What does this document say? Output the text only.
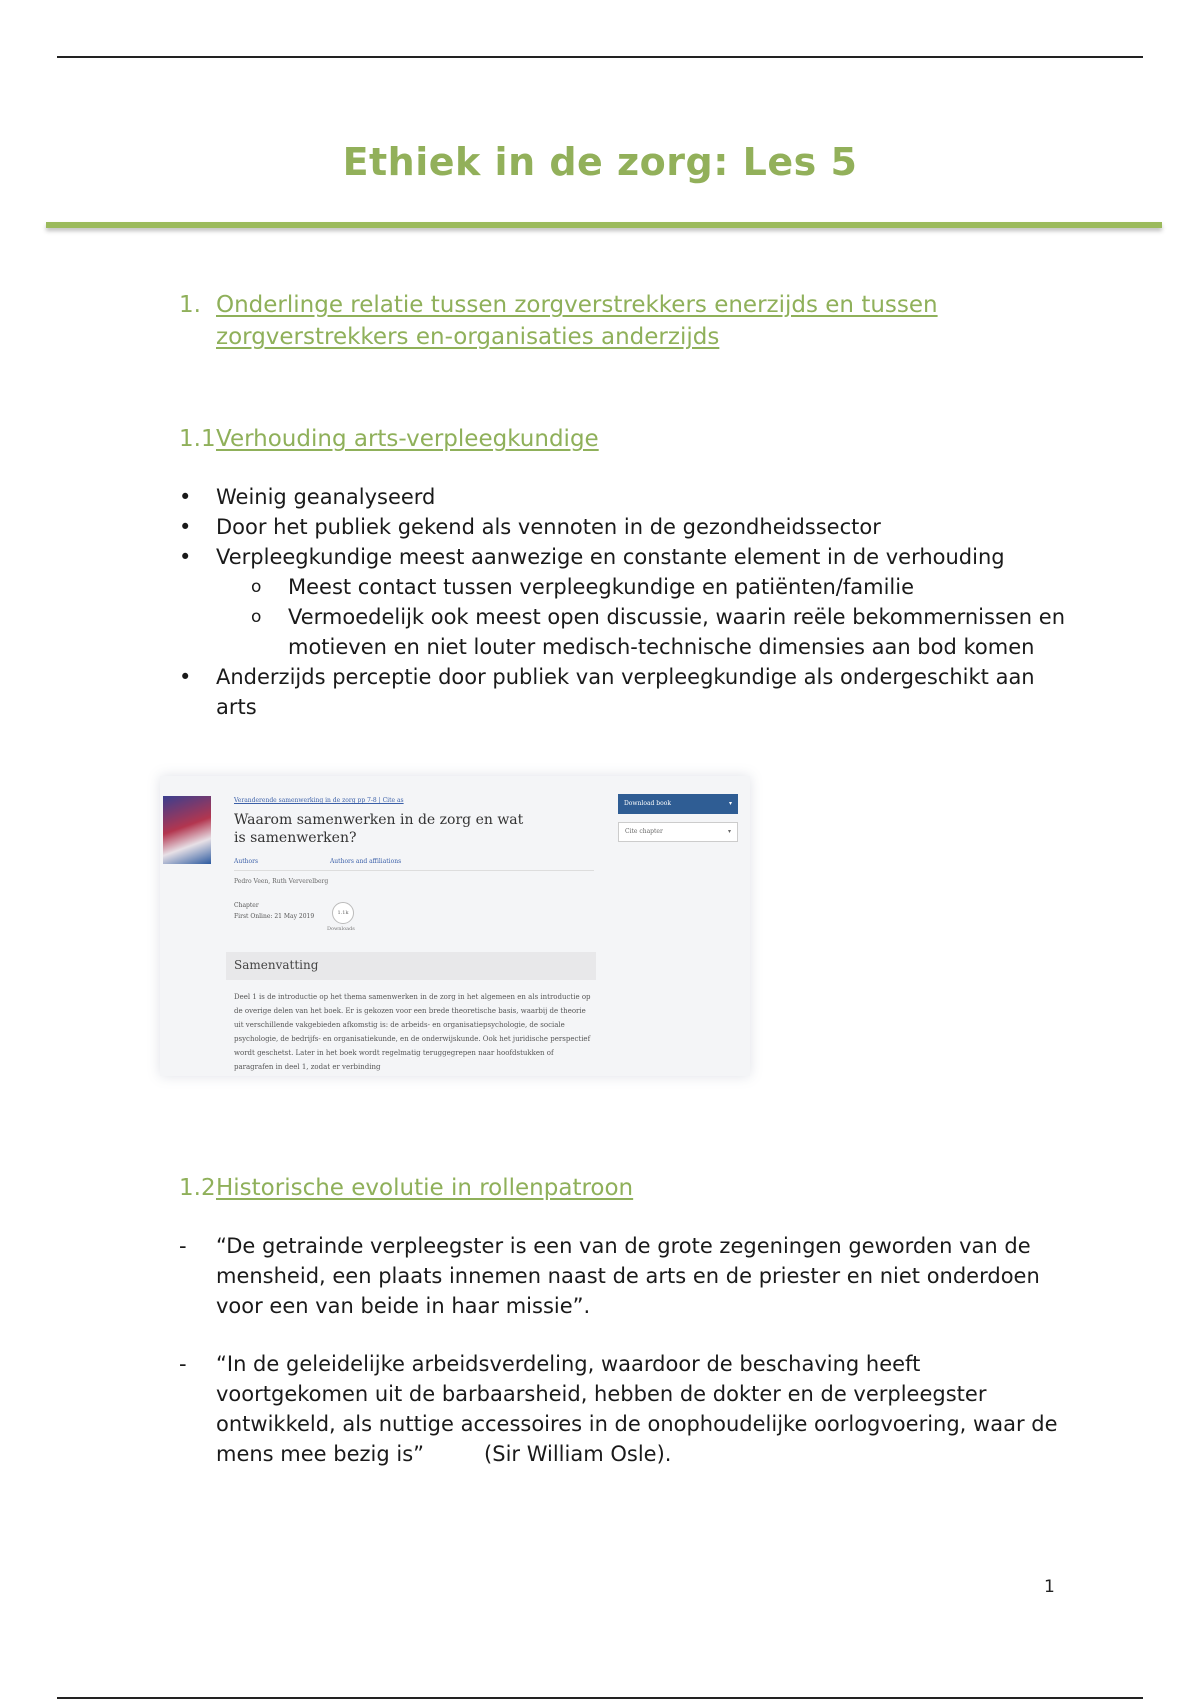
Ethiek in de zorg: Les 5
1. Onderlinge relatie tussen zorgverstrekkers enerzijds en tussen zorgverstrekkers en-organisaties anderzijds
1.1 Verhouding arts-verpleegkundige
•	Weinig geanalyseerd
•	Door het publiek gekend als vennoten in de gezondheidssector
•	Verpleegkundige meest aanwezige en constante element in de verhouding
o	Meest contact tussen verpleegkundige en patiënten/familie
o	Vermoedelijk ook meest open discussie, waarin reële bekommernissen en motieven en niet louter medisch-technische dimensies aan bod komen
•	Anderzijds perceptie door publiek van verpleegkundige als ondergeschikt aan arts
Veranderende samenwerking in de zorg pp 7-8 | Cite as
Waarom samenwerken in de zorg en wat is samenwerken?
Authors	Authors and affiliations
Pedro Veen, Ruth Ververelberg
Chapter
First Online: 21 May 2019	1.1k
Downloads
Download book	▾
Cite chapter	▾
Samenvatting
Deel 1 is de introductie op het thema samenwerken in de zorg in het algemeen en als introductie op de overige delen van het boek. Er is gekozen voor een brede theoretische basis, waarbij de theorie uit verschillende vakgebieden afkomstig is: de arbeids- en organisatiepsychologie, de sociale psychologie, de bedrijfs- en organisatiekunde, en de onderwijskunde. Ook het juridische perspectief wordt geschetst. Later in het boek wordt regelmatig teruggegrepen naar hoofdstukken of paragrafen in deel 1, zodat er verbinding
1.2 Historische evolutie in rollenpatroon
- “De getrainde verpleegster is een van de grote zegeningen geworden van de mensheid, een plaats innemen naast de arts en de priester en niet onderdoen voor een van beide in haar missie”.
- “In de geleidelijke arbeidsverdeling, waardoor de beschaving heeft voortgekomen uit de barbaarsheid, hebben de dokter en de verpleegster ontwikkeld, als nuttige accessoires in de onophoudelijke oorlogvoering, waar de mens mee bezig is”	(Sir William Osle).
1
